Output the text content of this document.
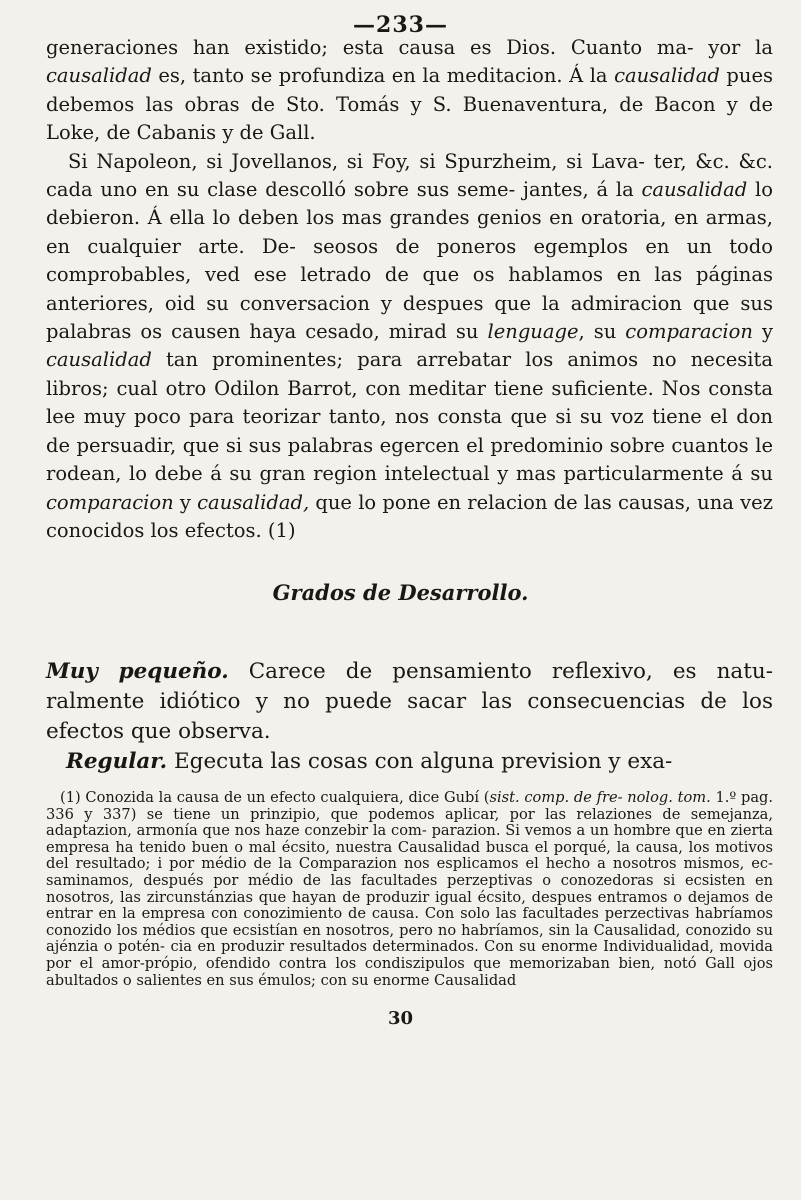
—233—

generaciones han existido; esta causa es Dios. Cuanto ma- yor la causalidad es, tanto se profundiza en la meditacion. Á la causalidad pues debemos las obras de Sto. Tomás y S. Buenaventura, de Bacon y de Loke, de Cabanis y de Gall.

Si Napoleon, si Jovellanos, si Foy, si Spurzheim, si Lava- ter, &c. &c. cada uno en su clase descolló sobre sus seme- jantes, á la causalidad lo debieron. Á ella lo deben los mas grandes genios en oratoria, en armas, en cualquier arte. De- seosos de poneros egemplos en un todo comprobables, ved ese letrado de que os hablamos en las páginas anteriores, oid su conversacion y despues que la admiracion que sus palabras os causen haya cesado, mirad su lenguage, su comparacion y causalidad tan prominentes; para arrebatar los animos no necesita libros; cual otro Odilon Barrot, con meditar tiene suficiente. Nos consta lee muy poco para teorizar tanto, nos consta que si su voz tiene el don de persuadir, que si sus palabras egercen el predominio sobre cuantos le rodean, lo debe á su gran region intelectual y mas particularmente á su comparacion y causalidad, que lo pone en relacion de las causas, una vez conocidos los efectos. (1)

Grados de Desarrollo.

Muy pequeño. Carece de pensamiento reflexivo, es natu- ralmente idiótico y no puede sacar las consecuencias de los efectos que observa.

Regular. Egecuta las cosas con alguna prevision y exa-

(1) Conozida la causa de un efecto cualquiera, dice Gubí (sist. comp. de fre- nolog. tom. 1.º pag. 336 y 337) se tiene un prinzipio, que podemos aplicar, por las relaziones de semejanza, adaptazion, armonía que nos haze conzebir la com- parazion. Si vemos a un hombre que en zierta empresa ha tenido buen o mal écsito, nuestra Causalidad busca el porqué, la causa, los motivos del resultado; i por médio de la Comparazion nos esplicamos el hecho a nosotros mismos, ec- saminamos, después por médio de las facultades perzeptivas o conozedoras si ecsisten en nosotros, las zircunstánzias que hayan de produzir igual écsito, despues entramos o dejamos de entrar en la empresa con conozimiento de causa. Con solo las facultades perzectivas habríamos conozido los médios que ecsistían en nosotros, pero no habríamos, sin la Causalidad, conozido su ajénzia o potén- cia en produzir resultados determinados. Con su enorme Individualidad, movida por el amor-própio, ofendido contra los condiszipulos que memorizaban bien, notó Gall ojos abultados o salientes en sus émulos; con su enorme Causalidad

30
